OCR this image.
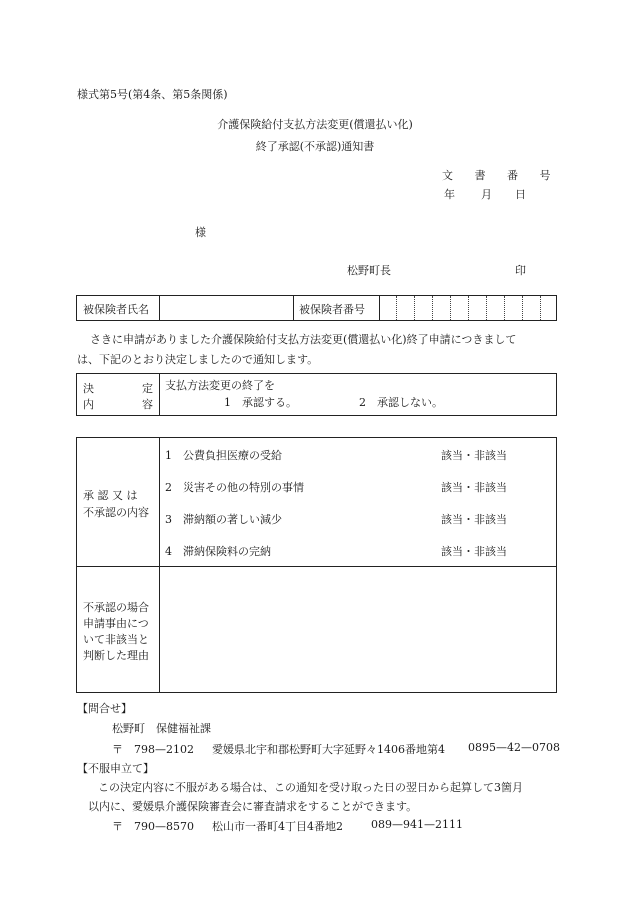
様式第5号(第4条、第5条関係)
介護保険給付支払方法変更(償還払い化)
終了承認(不承認)通知書
文 書 番 号
年 月 日
様
松野町長	印
被保険者氏名	被保険者番号
さきに申請がありました介護保険給付支払方法変更(償還払い化)終了申請につきまして
は、下記のとおり決定しましたので通知します。
決	定
内	容
支払方法変更の終了を
1　承認する。	2　承認しない。
承 認 又 は
不承認の内容
1　公費負担医療の受給	該当・非該当
2　災害その他の特別の事情	該当・非該当
3　滞納額の著しい減少	該当・非該当
4　滞納保険料の完納	該当・非該当
不承認の場合
申請事由につ
いて非該当と
判断した理由
【問合せ】
松野町　保健福祉課
〒　798—2102 愛媛県北宇和郡松野町大字延野々1406番地第4 0895—42—0708
【不服申立て】
この決定内容に不服がある場合は、この通知を受け取った日の翌日から起算して3箇月
以内に、愛媛県介護保険審査会に審査請求をすることができます。
〒　790—8570 松山市一番町4丁目4番地2	089—941—2111
